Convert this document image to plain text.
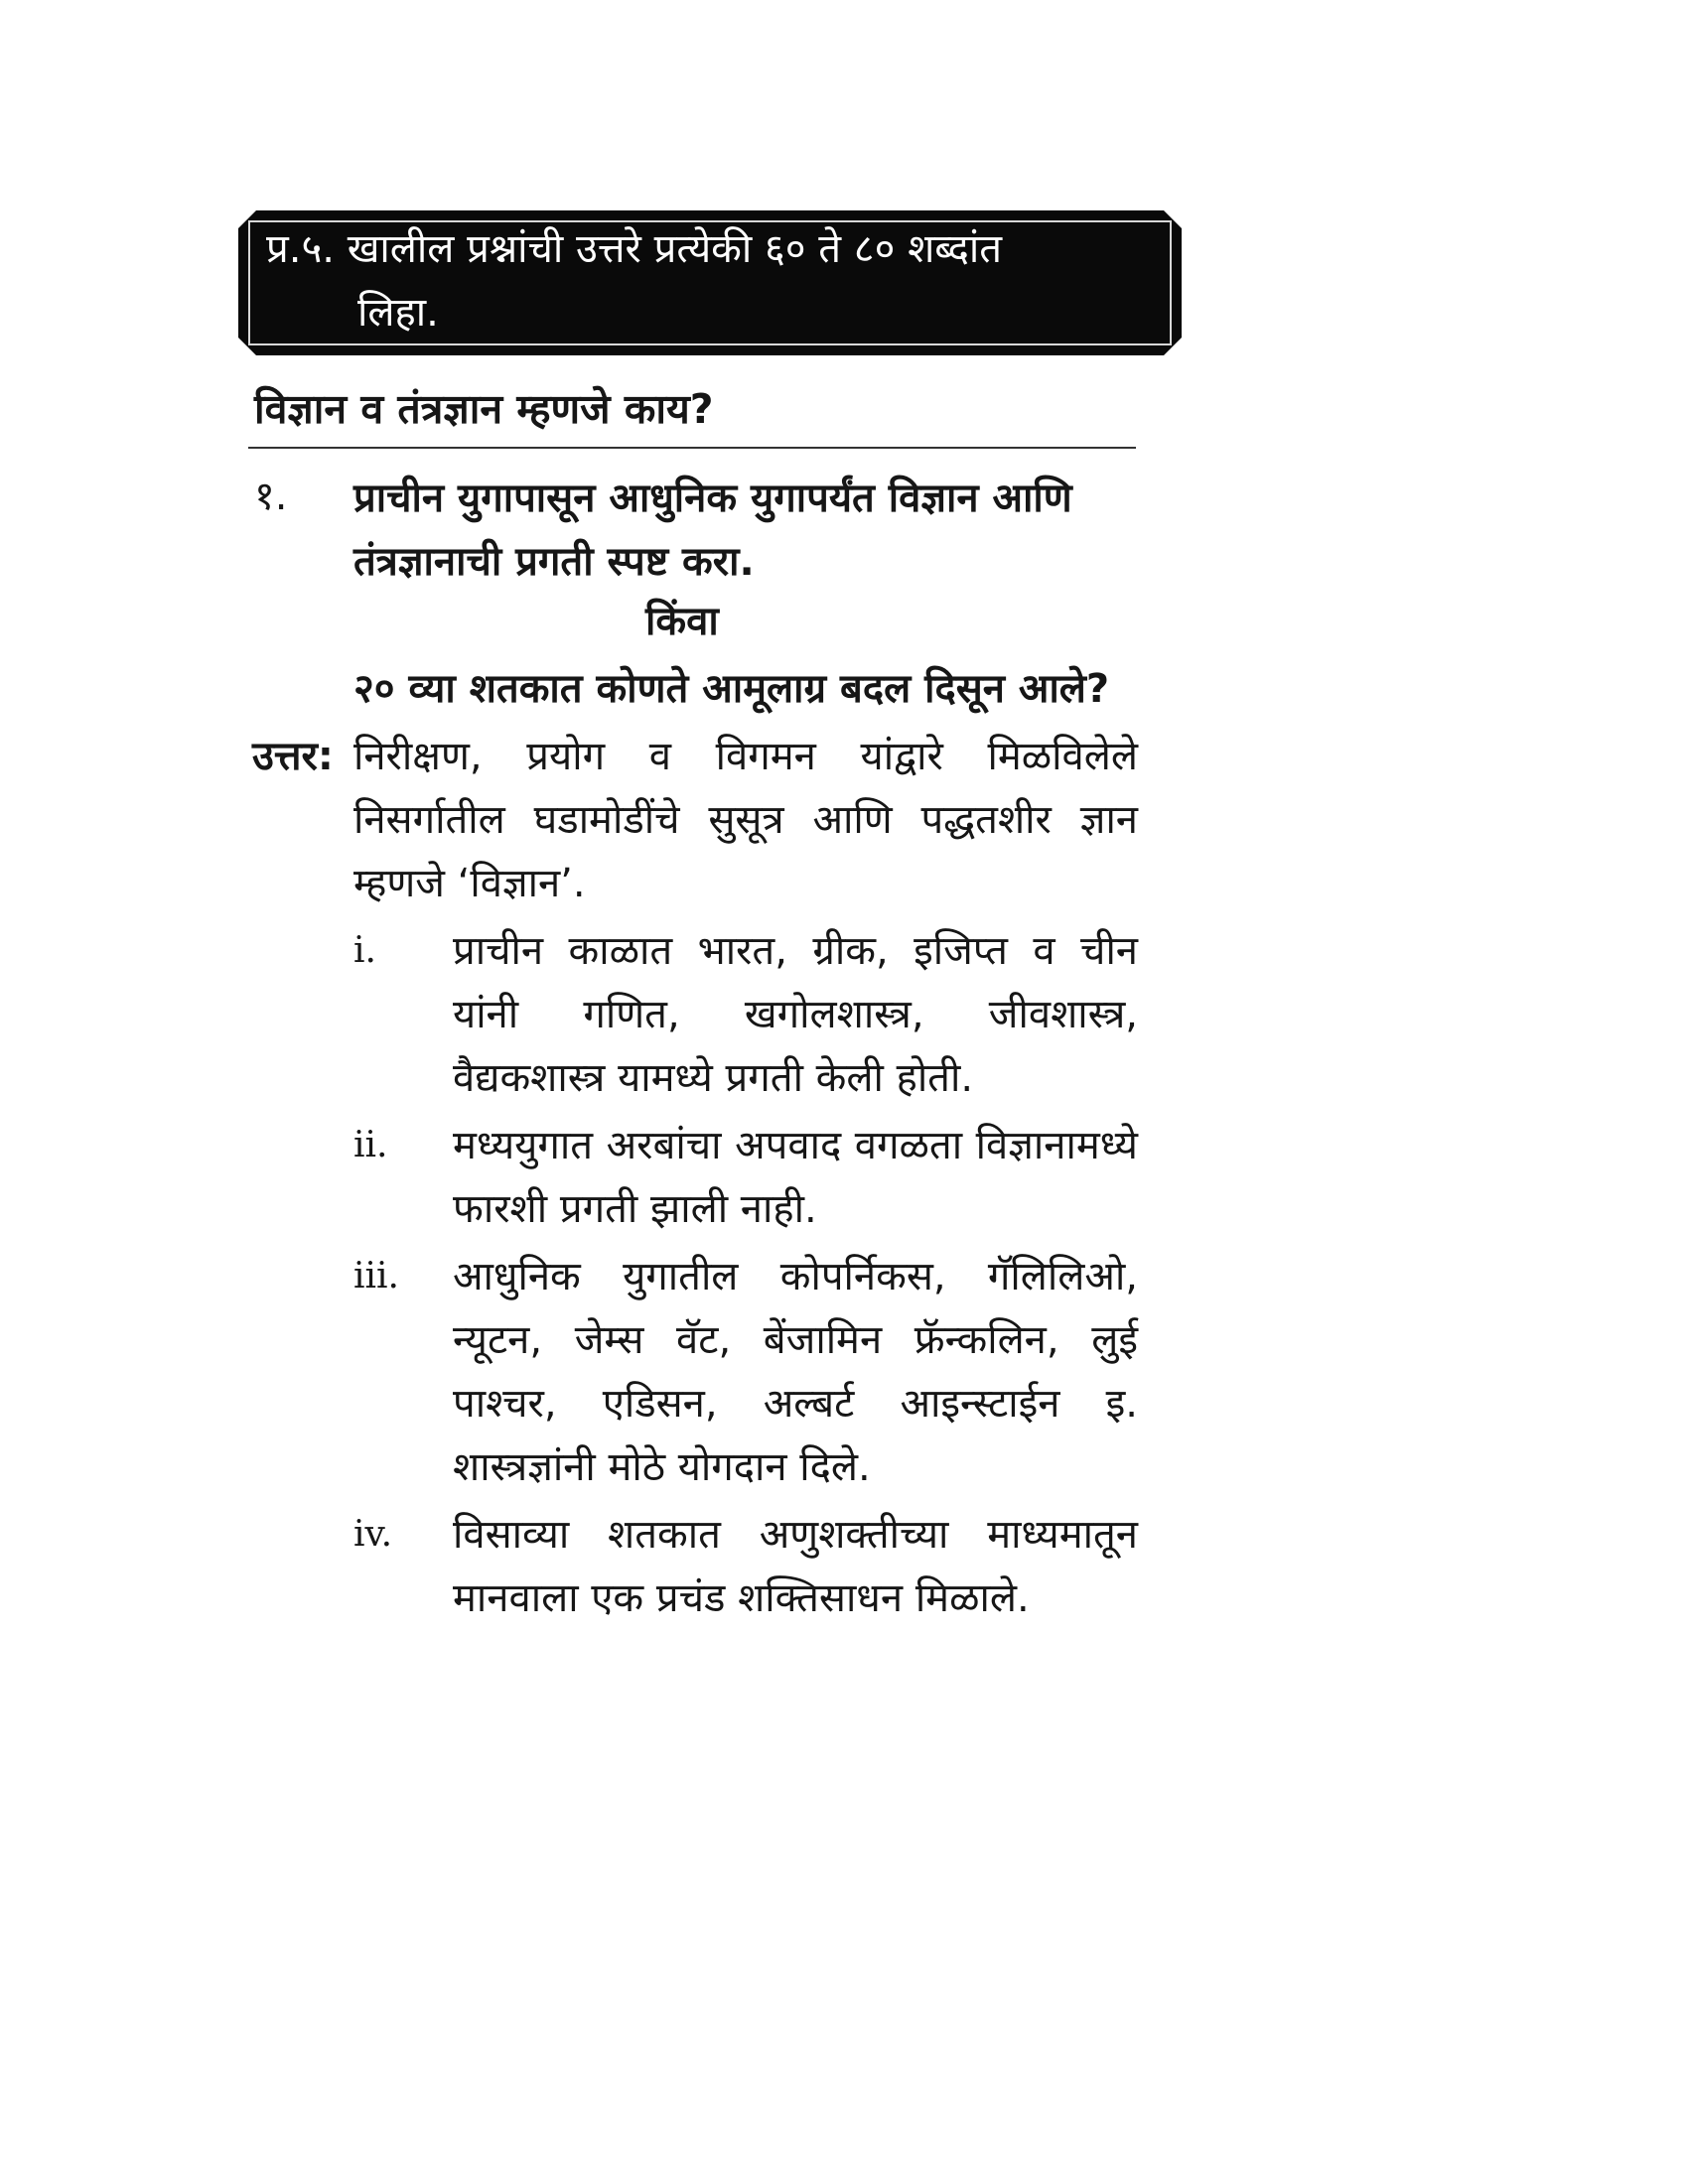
प्र.५. खालील प्रश्नांची उत्तरे प्रत्येकी ६० ते ८० शब्दांत
लिहा.
विज्ञान व तंत्रज्ञान म्हणजे काय?
१. प्राचीन युगापासून आधुनिक युगापर्यंत विज्ञान आणि तंत्रज्ञानाची प्रगती स्पष्ट करा.
किंवा
२० व्या शतकात कोणते आमूलाग्र बदल दिसून आले?
उत्तर: निरीक्षण, प्रयोग व विगमन यांद्वारे मिळविलेले निसर्गातील घडामोडींचे सुसूत्र आणि पद्धतशीर ज्ञान म्हणजे ‘विज्ञान’.
i. प्राचीन काळात भारत, ग्रीक, इजिप्त व चीन यांनी गणित, खगोलशास्त्र, जीवशास्त्र, वैद्यकशास्त्र यामध्ये प्रगती केली होती.
ii. मध्ययुगात अरबांचा अपवाद वगळता विज्ञानामध्ये फारशी प्रगती झाली नाही.
iii. आधुनिक युगातील कोपर्निकस, गॅलिलिओ, न्यूटन, जेम्स वॅट, बेंजामिन फ्रॅन्कलिन, लुई पाश्चर, एडिसन, अल्बर्ट आइन्स्टाईन इ. शास्त्रज्ञांनी मोठे योगदान दिले.
iv. विसाव्या शतकात अणुशक्तीच्या माध्यमातून मानवाला एक प्रचंड शक्तिसाधन मिळाले.
